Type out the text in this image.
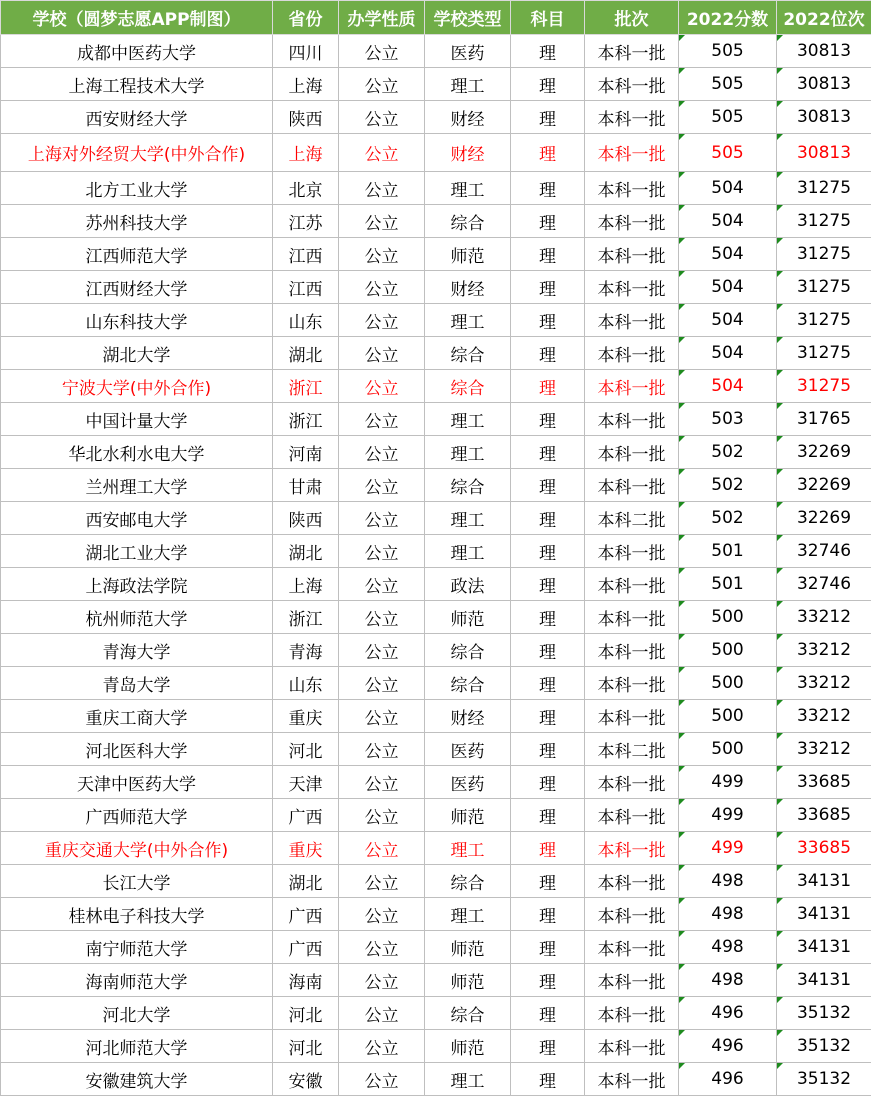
学校（圆梦志愿APP制图）	省份	办学性质	学校类型	科目	批次	2022分数	2022位次
成都中医药大学	四川	公立	医药	理	本科一批	505	30813
上海工程技术大学	上海	公立	理工	理	本科一批	505	30813
西安财经大学	陕西	公立	财经	理	本科一批	505	30813
上海对外经贸大学(中外合作)	上海	公立	财经	理	本科一批	505	30813
北方工业大学	北京	公立	理工	理	本科一批	504	31275
苏州科技大学	江苏	公立	综合	理	本科一批	504	31275
江西师范大学	江西	公立	师范	理	本科一批	504	31275
江西财经大学	江西	公立	财经	理	本科一批	504	31275
山东科技大学	山东	公立	理工	理	本科一批	504	31275
湖北大学	湖北	公立	综合	理	本科一批	504	31275
宁波大学(中外合作)	浙江	公立	综合	理	本科一批	504	31275
中国计量大学	浙江	公立	理工	理	本科一批	503	31765
华北水利水电大学	河南	公立	理工	理	本科一批	502	32269
兰州理工大学	甘肃	公立	综合	理	本科一批	502	32269
西安邮电大学	陕西	公立	理工	理	本科二批	502	32269
湖北工业大学	湖北	公立	理工	理	本科一批	501	32746
上海政法学院	上海	公立	政法	理	本科一批	501	32746
杭州师范大学	浙江	公立	师范	理	本科一批	500	33212
青海大学	青海	公立	综合	理	本科一批	500	33212
青岛大学	山东	公立	综合	理	本科一批	500	33212
重庆工商大学	重庆	公立	财经	理	本科一批	500	33212
河北医科大学	河北	公立	医药	理	本科二批	500	33212
天津中医药大学	天津	公立	医药	理	本科一批	499	33685
广西师范大学	广西	公立	师范	理	本科一批	499	33685
重庆交通大学(中外合作)	重庆	公立	理工	理	本科一批	499	33685
长江大学	湖北	公立	综合	理	本科一批	498	34131
桂林电子科技大学	广西	公立	理工	理	本科一批	498	34131
南宁师范大学	广西	公立	师范	理	本科一批	498	34131
海南师范大学	海南	公立	师范	理	本科一批	498	34131
河北大学	河北	公立	综合	理	本科一批	496	35132
河北师范大学	河北	公立	师范	理	本科一批	496	35132
安徽建筑大学	安徽	公立	理工	理	本科一批	496	35132
